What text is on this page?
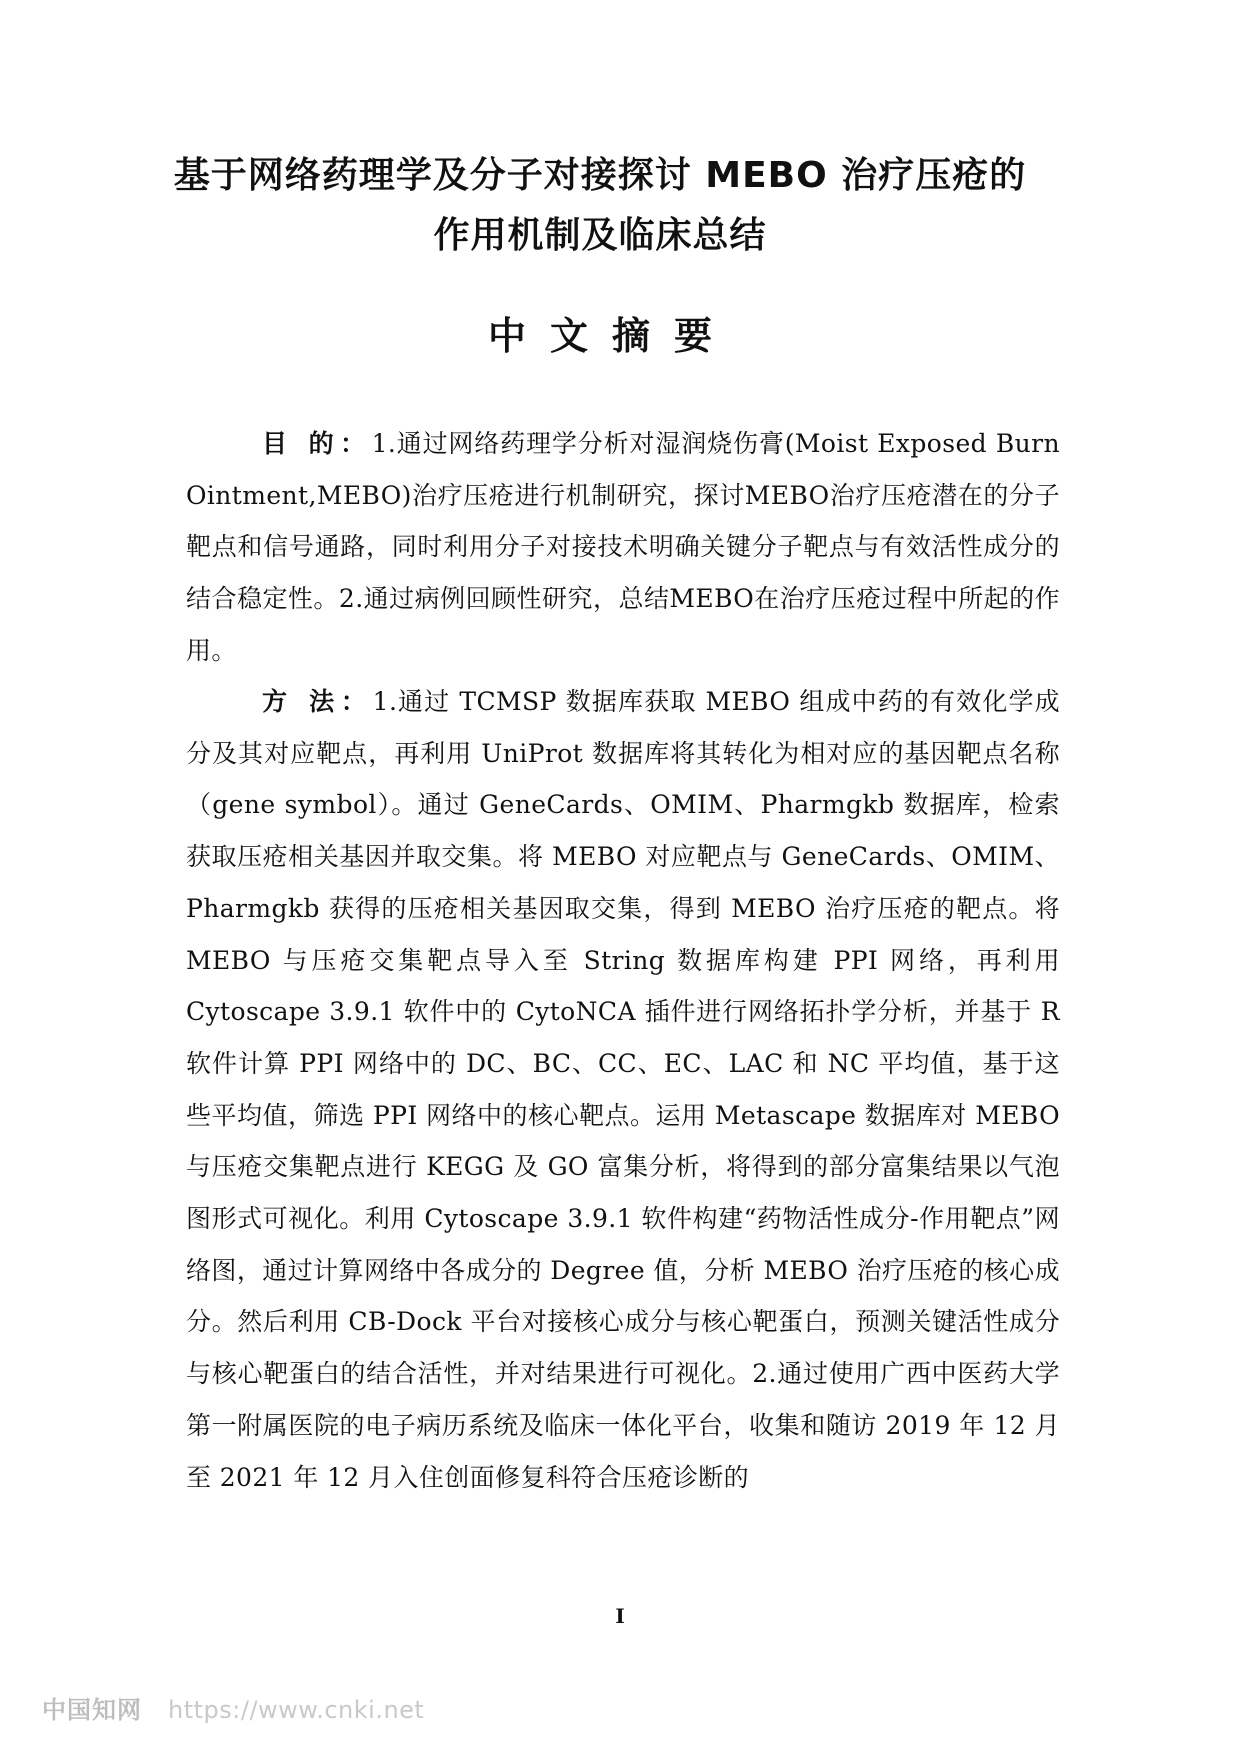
基于网络药理学及分子对接探讨 MEBO 治疗压疮的
作用机制及临床总结
中文摘要

目 的：1.通过网络药理学分析对湿润烧伤膏(Moist Exposed Burn Ointment,MEBO)治疗压疮进行机制研究，探讨MEBO治疗压疮潜在的分子靶点和信号通路，同时利用分子对接技术明确关键分子靶点与有效活性成分的结合稳定性。2.通过病例回顾性研究，总结MEBO在治疗压疮过程中所起的作用。

方 法：1.通过 TCMSP 数据库获取 MEBO 组成中药的有效化学成分及其对应靶点，再利用 UniProt 数据库将其转化为相对应的基因靶点名称（gene symbol）。通过 GeneCards、OMIM、Pharmgkb 数据库，检索获取压疮相关基因并取交集。将 MEBO 对应靶点与 GeneCards、OMIM、Pharmgkb 获得的压疮相关基因取交集，得到 MEBO 治疗压疮的靶点。将 MEBO 与压疮交集靶点导入至 String 数据库构建 PPI 网络，再利用 Cytoscape 3.9.1 软件中的 CytoNCA 插件进行网络拓扑学分析，并基于 R 软件计算 PPI 网络中的 DC、BC、CC、EC、LAC 和 NC 平均值，基于这些平均值，筛选 PPI 网络中的核心靶点。运用 Metascape 数据库对 MEBO 与压疮交集靶点进行 KEGG 及 GO 富集分析，将得到的部分富集结果以气泡图形式可视化。利用 Cytoscape 3.9.1 软件构建“药物活性成分-作用靶点”网络图，通过计算网络中各成分的 Degree 值，分析 MEBO 治疗压疮的核心成分。然后利用 CB-Dock 平台对接核心成分与核心靶蛋白，预测关键活性成分与核心靶蛋白的结合活性，并对结果进行可视化。2.通过使用广西中医药大学第一附属医院的电子病历系统及临床一体化平台，收集和随访 2019 年 12 月至 2021 年 12 月入住创面修复科符合压疮诊断的

I
中国知网 https://www.cnki.net
